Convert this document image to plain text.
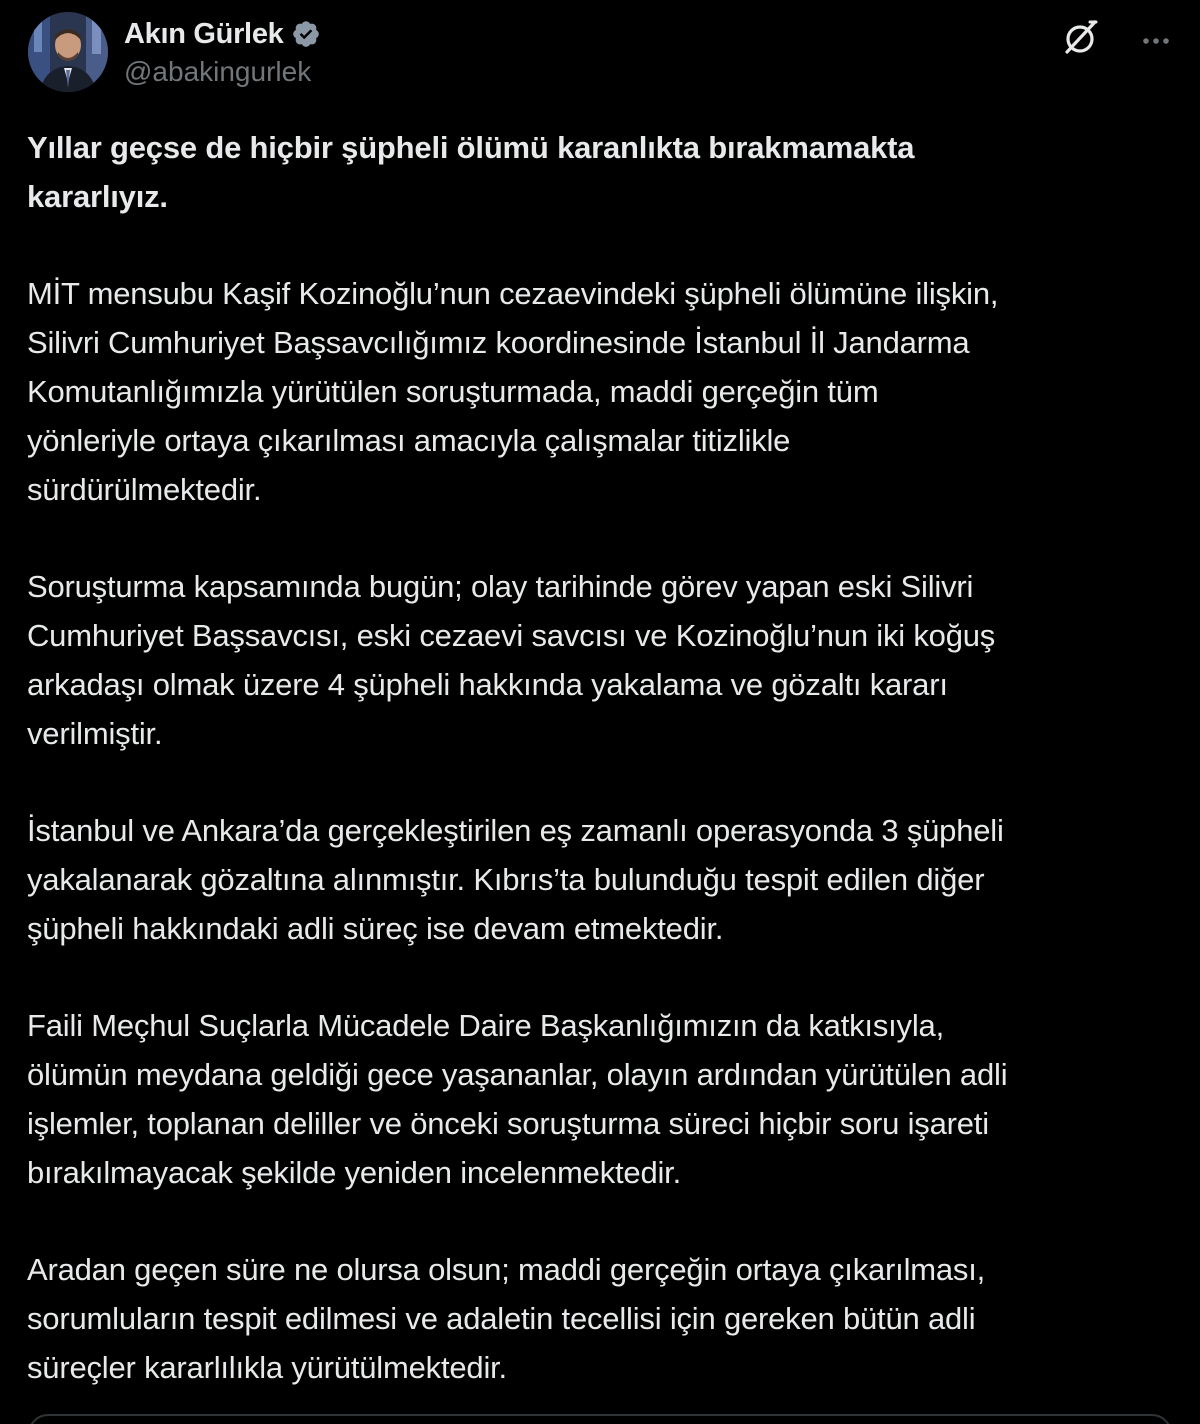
Akın Gürlek
@abakingurlek
Yıllar geçse de hiçbir şüpheli ölümü karanlıkta bırakmamakta
kararlıyız.
MİT mensubu Kaşif Kozinoğlu’nun cezaevindeki şüpheli ölümüne ilişkin,
Silivri Cumhuriyet Başsavcılığımız koordinesinde İstanbul İl Jandarma
Komutanlığımızla yürütülen soruşturmada, maddi gerçeğin tüm
yönleriyle ortaya çıkarılması amacıyla çalışmalar titizlikle
sürdürülmektedir.
Soruşturma kapsamında bugün; olay tarihinde görev yapan eski Silivri
Cumhuriyet Başsavcısı, eski cezaevi savcısı ve Kozinoğlu’nun iki koğuş
arkadaşı olmak üzere 4 şüpheli hakkında yakalama ve gözaltı kararı
verilmiştir.
İstanbul ve Ankara’da gerçekleştirilen eş zamanlı operasyonda 3 şüpheli
yakalanarak gözaltına alınmıştır. Kıbrıs’ta bulunduğu tespit edilen diğer
şüpheli hakkındaki adli süreç ise devam etmektedir.
Faili Meçhul Suçlarla Mücadele Daire Başkanlığımızın da katkısıyla,
ölümün meydana geldiği gece yaşananlar, olayın ardından yürütülen adli
işlemler, toplanan deliller ve önceki soruşturma süreci hiçbir soru işareti
bırakılmayacak şekilde yeniden incelenmektedir.
Aradan geçen süre ne olursa olsun; maddi gerçeğin ortaya çıkarılması,
sorumluların tespit edilmesi ve adaletin tecellisi için gereken bütün adli
süreçler kararlılıkla yürütülmektedir.
